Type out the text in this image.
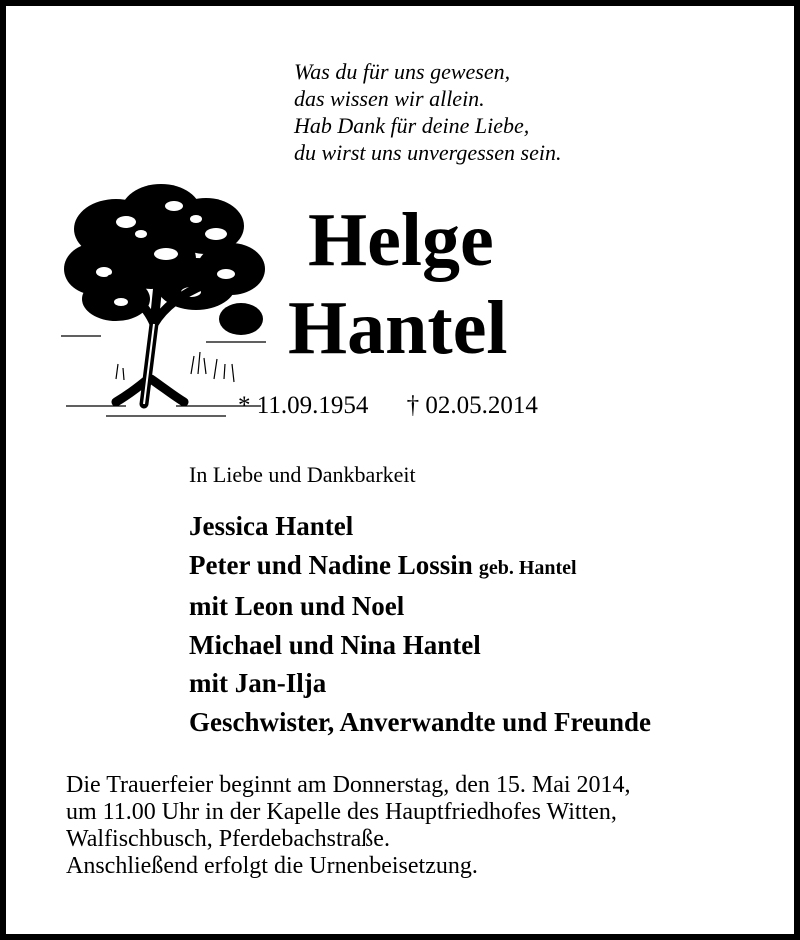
Was du für uns gewesen,
das wissen wir allein.
Hab Dank für deine Liebe,
du wirst uns unvergessen sein.
Helge
Hantel
* 11.09.1954 † 02.05.2014
In Liebe und Dankbarkeit
Jessica Hantel
Peter und Nadine Lossin geb. Hantel
mit Leon und Noel
Michael und Nina Hantel
mit Jan-Ilja
Geschwister, Anverwandte und Freunde
Die Trauerfeier beginnt am Donnerstag, den 15. Mai 2014,
um 11.00 Uhr in der Kapelle des Hauptfriedhofes Witten,
Walfischbusch, Pferdebachstraße.
Anschließend erfolgt die Urnenbeisetzung.
